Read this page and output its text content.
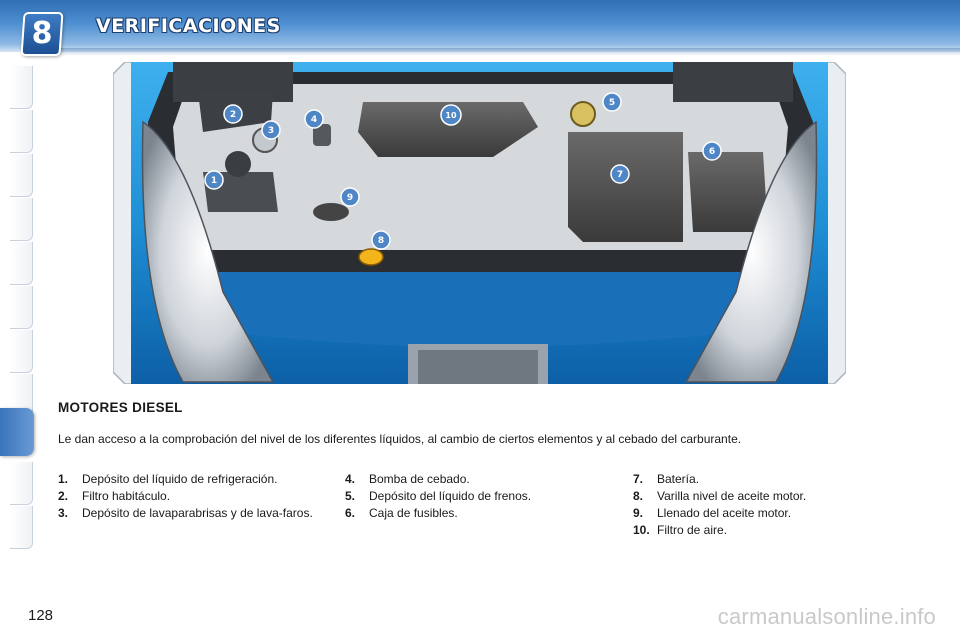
8	VERIFICACIONES
1
2
3
4
5
6
7
8
9
10
MOTORES DIESEL
Le dan acceso a la comprobación del nivel de los diferentes líquidos, al cambio de ciertos elementos y al cebado del carburante.
1.	Depósito del líquido de refrigeración.
2.	Filtro habitáculo.
3.	Depósito de lavaparabrisas y de lava-faros.
4.	Bomba de cebado.
5.	Depósito del líquido de frenos.
6.	Caja de fusibles.
7.	Batería.
8.	Varilla nivel de aceite motor.
9.	Llenado del aceite motor.
10. Filtro de aire.
128	carmanualsonline.info
